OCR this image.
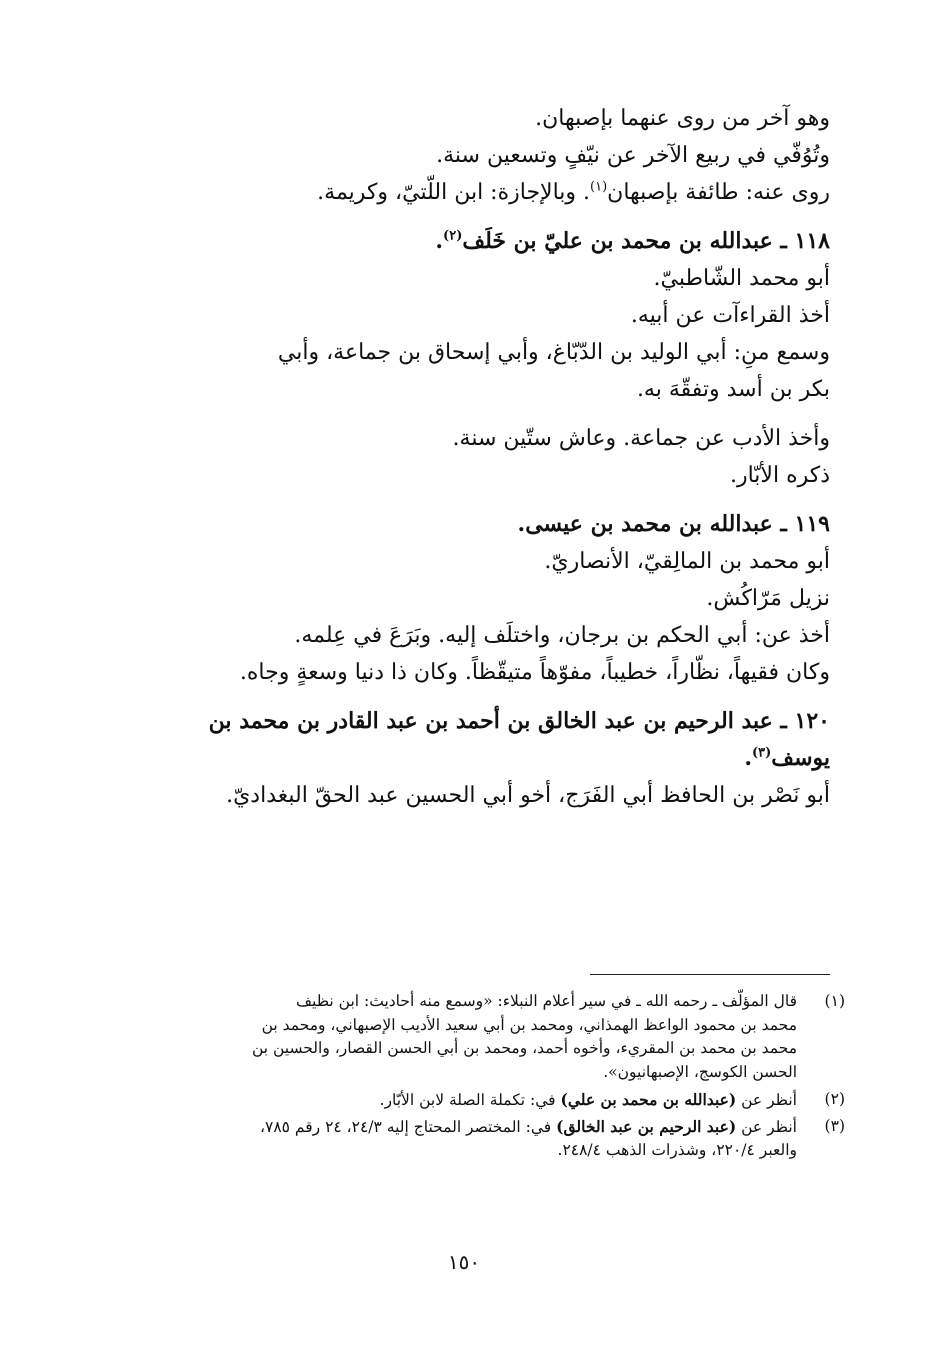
وهو آخر من روى عنهما بإصبهان.
وتُوُفّي في ربيع الآخر عن نيّفٍ وتسعين سنة.
روى عنه: طائفة بإصبهان$^{(١)}$. وبالإجازة: ابن اللّتيّ، وكريمة.
١١٨ ـ عبدالله بن محمد بن عليّ بن خَلَف$^{(٢)}$.
أبو محمد الشّاطبيّ.
أخذ القراءآت عن أبيه.
وسمع منِ: أبي الوليد بن الدّبّاغ، وأبي إسحاق بن جماعة، وأبي
بكر بن أسد وتفقّهَ به.
وأخذ الأدب عن جماعة. وعاش ستّين سنة.
ذكره الأبّار.
١١٩ ـ عبدالله بن محمد بن عيسى.
أبو محمد بن المالِقيّ، الأنصاريّ.
نزيل مَرّاكُش.
أخذ عن: أبي الحكم بن برجان، واختلَف إليه. وبَرَعَ في عِلمه.
وكان فقيهاً، نظّاراً، خطيباً، مفوّهاً متيقّظاً. وكان ذا دنيا وسعةٍ وجاه.
١٢٠ ـ عبد الرحيم بن عبد الخالق بن أحمد بن عبد القادر بن محمد بن
يوسف$^{(٣)}$.
أبو نَصْر بن الحافظ أبي الفَرَج، أخو أبي الحسين عبد الحقّ البغداديّ.
(١)

قال المؤلّف ـ رحمه الله ـ في سير أعلام النبلاء: «وسمع منه أحاديث: ابن نظيف

محمد بن محمود الواعظ الهمذاني، ومحمد بن أبي سعيد الأديب الإصبهاني، ومحمد بن

محمد بن محمد بن المقريء، وأخوه أحمد، ومحمد بن أبي الحسن القصار، والحسين بن

الحسن الكوسج، الإصبهانيون».

(٢)

أنظر عن (عبدالله بن محمد بن علي) في: تكملة الصلة لابن الأبّار.

(٣)

أنظر عن (عبد الرحيم بن عبد الخالق) في: المختصر المحتاج إليه ٢٤/٣، ٢٤ رقم ٧٨٥،

والعبر ٢٢٠/٤، وشذرات الذهب ٢٤٨/٤.

١٥٠
